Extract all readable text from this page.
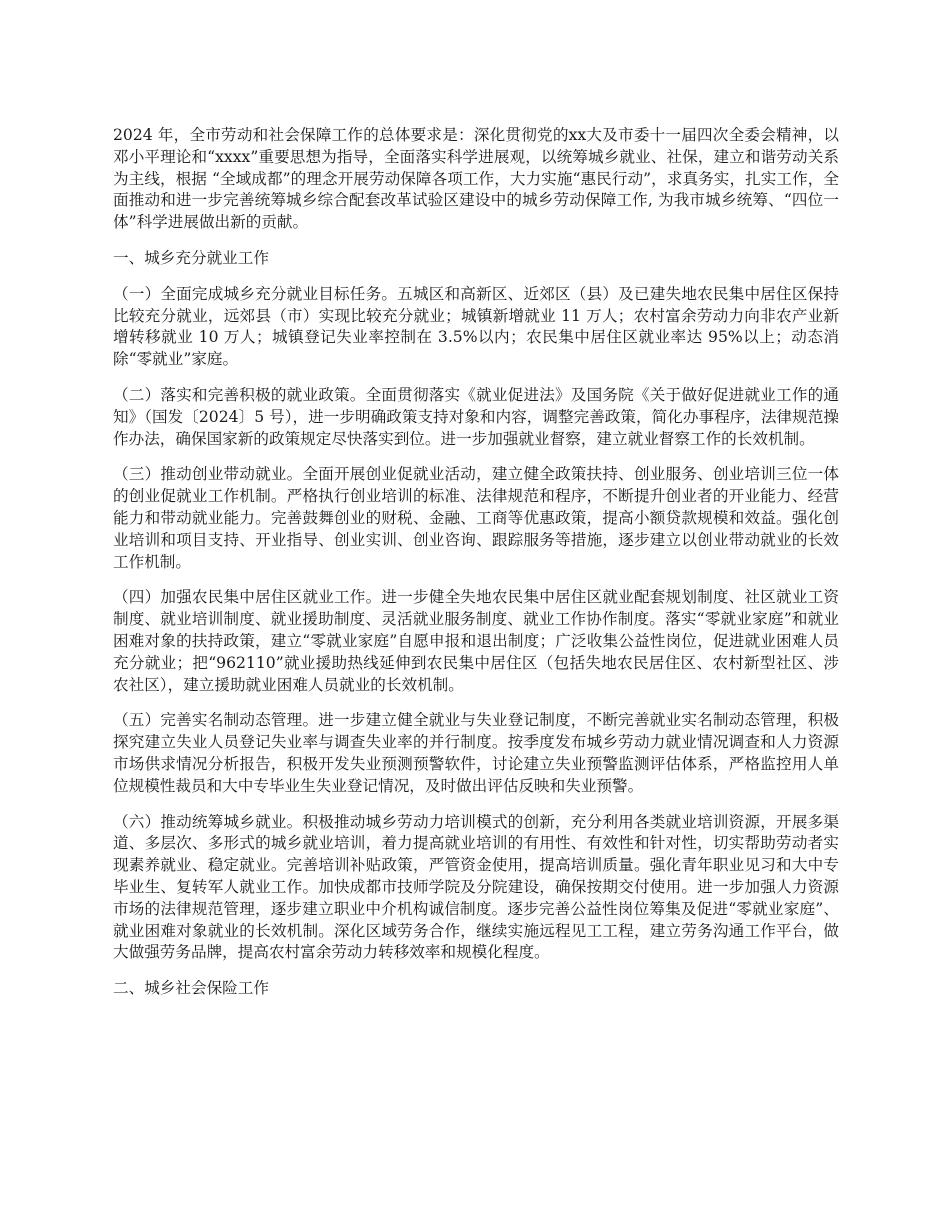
2024 年，全市劳动和社会保障工作的总体要求是：深化贯彻党的xx大及市委十一届四次全委会精神，以邓小平理论和“xxxx”重要思想为指导，全面落实科学进展观，以统筹城乡就业、社保，建立和谐劳动关系为主线，根据 “全域成都”的理念开展劳动保障各项工作，大力实施“惠民行动”，求真务实，扎实工作，全面推动和进一步完善统筹城乡综合配套改革试验区建设中的城乡劳动保障工作, 为我市城乡统筹、“四位一体”科学进展做出新的贡献。

一、城乡充分就业工作

（一）全面完成城乡充分就业目标任务。五城区和高新区、近郊区（县）及已建失地农民集中居住区保持比较充分就业，远郊县（市）实现比较充分就业；城镇新增就业 11 万人；农村富余劳动力向非农产业新增转移就业 10 万人；城镇登记失业率控制在 3.5%以内；农民集中居住区就业率达 95%以上；动态消除“零就业”家庭。

（二）落实和完善积极的就业政策。全面贯彻落实《就业促进法》及国务院《关于做好促进就业工作的通知》（国发〔2024〕5 号），进一步明确政策支持对象和内容，调整完善政策，简化办事程序，法律规范操作办法，确保国家新的政策规定尽快落实到位。进一步加强就业督察，建立就业督察工作的长效机制。

（三）推动创业带动就业。全面开展创业促就业活动，建立健全政策扶持、创业服务、创业培训三位一体的创业促就业工作机制。严格执行创业培训的标准、法律规范和程序，不断提升创业者的开业能力、经营能力和带动就业能力。完善鼓舞创业的财税、金融、工商等优惠政策，提高小额贷款规模和效益。强化创业培训和项目支持、开业指导、创业实训、创业咨询、跟踪服务等措施，逐步建立以创业带动就业的长效工作机制。

（四）加强农民集中居住区就业工作。进一步健全失地农民集中居住区就业配套规划制度、社区就业工资制度、就业培训制度、就业援助制度、灵活就业服务制度、就业工作协作制度。落实“零就业家庭”和就业困难对象的扶持政策，建立“零就业家庭”自愿申报和退出制度；广泛收集公益性岗位，促进就业困难人员充分就业；把“962110”就业援助热线延伸到农民集中居住区（包括失地农民居住区、农村新型社区、涉农社区），建立援助就业困难人员就业的长效机制。

（五）完善实名制动态管理。进一步建立健全就业与失业登记制度，不断完善就业实名制动态管理，积极探究建立失业人员登记失业率与调查失业率的并行制度。按季度发布城乡劳动力就业情况调查和人力资源市场供求情况分析报告，积极开发失业预测预警软件，讨论建立失业预警监测评估体系，严格监控用人单位规模性裁员和大中专毕业生失业登记情况，及时做出评估反映和失业预警。

（六）推动统筹城乡就业。积极推动城乡劳动力培训模式的创新，充分利用各类就业培训资源，开展多渠道、多层次、多形式的城乡就业培训，着力提高就业培训的有用性、有效性和针对性，切实帮助劳动者实现素养就业、稳定就业。完善培训补贴政策，严管资金使用，提高培训质量。强化青年职业见习和大中专毕业生、复转军人就业工作。加快成都市技师学院及分院建设，确保按期交付使用。进一步加强人力资源市场的法律规范管理，逐步建立职业中介机构诚信制度。逐步完善公益性岗位筹集及促进“零就业家庭”、就业困难对象就业的长效机制。深化区域劳务合作，继续实施远程见工工程，建立劳务沟通工作平台，做大做强劳务品牌，提高农村富余劳动力转移效率和规模化程度。

二、城乡社会保险工作
